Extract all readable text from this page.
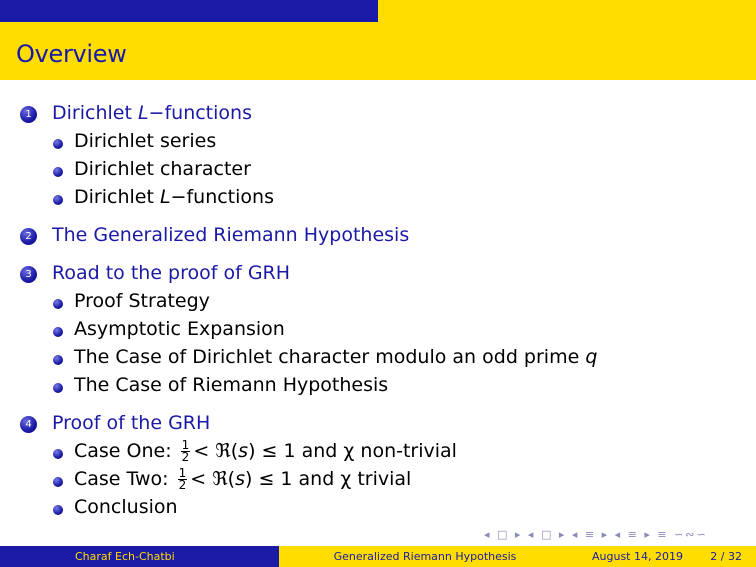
Overview
1 Dirichlet L−functions
Dirichlet series
Dirichlet character
Dirichlet L−functions
2 The Generalized Riemann Hypothesis
3 Road to the proof of GRH
Proof Strategy
Asymptotic Expansion
The Case of Dirichlet character modulo an odd prime q
The Case of Riemann Hypothesis
4 Proof of the GRH
Case One: $\frac{1}{2}$ < ℜ(s) ≤ 1 and χ non-trivial
Case Two: $\frac{1}{2}$ < ℜ(s) ≤ 1 and χ trivial
Conclusion
◂ □ ▸ ◂ □ ▸ ◂ ≡ ▸ ◂ ≡ ▸ ≡ ∽∾∽
Charaf Ech-Chatbi	Generalized Riemann Hypothesis	August 14, 2019 2 / 32
